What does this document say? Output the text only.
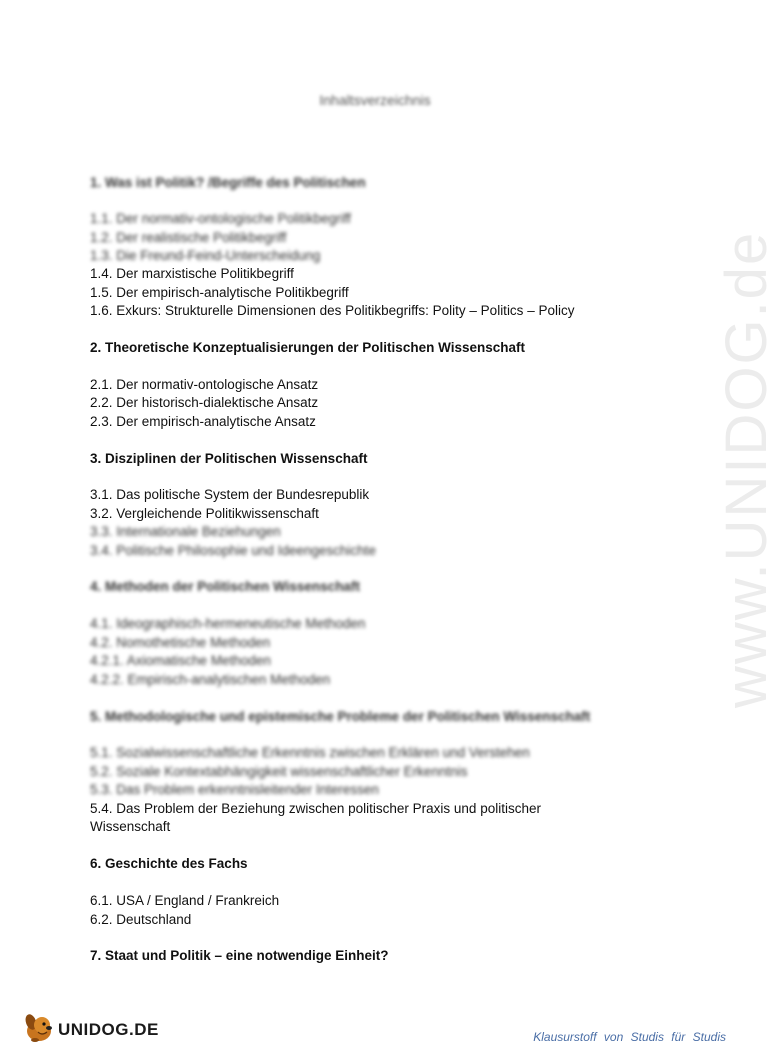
Inhaltsverzeichnis
1. Was ist Politik? /Begriffe des Politischen
1.1. Der normativ-ontologische Politikbegriff
1.2. Der realistische Politikbegriff
1.3. Die Freund-Feind-Unterscheidung
1.4. Der marxistische Politikbegriff
1.5. Der empirisch-analytische Politikbegriff
1.6. Exkurs: Strukturelle Dimensionen des Politikbegriffs: Polity – Politics – Policy
2. Theoretische Konzeptualisierungen der Politischen Wissenschaft
2.1. Der normativ-ontologische Ansatz
2.2. Der historisch-dialektische Ansatz
2.3. Der empirisch-analytische Ansatz
3. Disziplinen der Politischen Wissenschaft
3.1. Das politische System der Bundesrepublik
3.2. Vergleichende Politikwissenschaft
3.3. Internationale Beziehungen
3.4. Politische Philosophie und Ideengeschichte
4. Methoden der Politischen Wissenschaft
4.1. Ideographisch-hermeneutische Methoden
4.2. Nomothetische Methoden
4.2.1. Axiomatische Methoden
4.2.2. Empirisch-analytischen Methoden
5. Methodologische und epistemische Probleme der Politischen Wissenschaft
5.1. Sozialwissenschaftliche Erkenntnis zwischen Erklären und Verstehen
5.2. Soziale Kontextabhängigkeit wissenschaftlicher Erkenntnis
5.3. Das Problem erkenntnisleitender Interessen
5.4. Das Problem der Beziehung zwischen politischer Praxis und politischer Wissenschaft
6. Geschichte des Fachs
6.1. USA / England / Frankreich
6.2. Deutschland
7. Staat und Politik – eine notwendige Einheit?
www.UNIDOG.de
UNIDOG.DE	Klausurstoff von Studis für Studis
